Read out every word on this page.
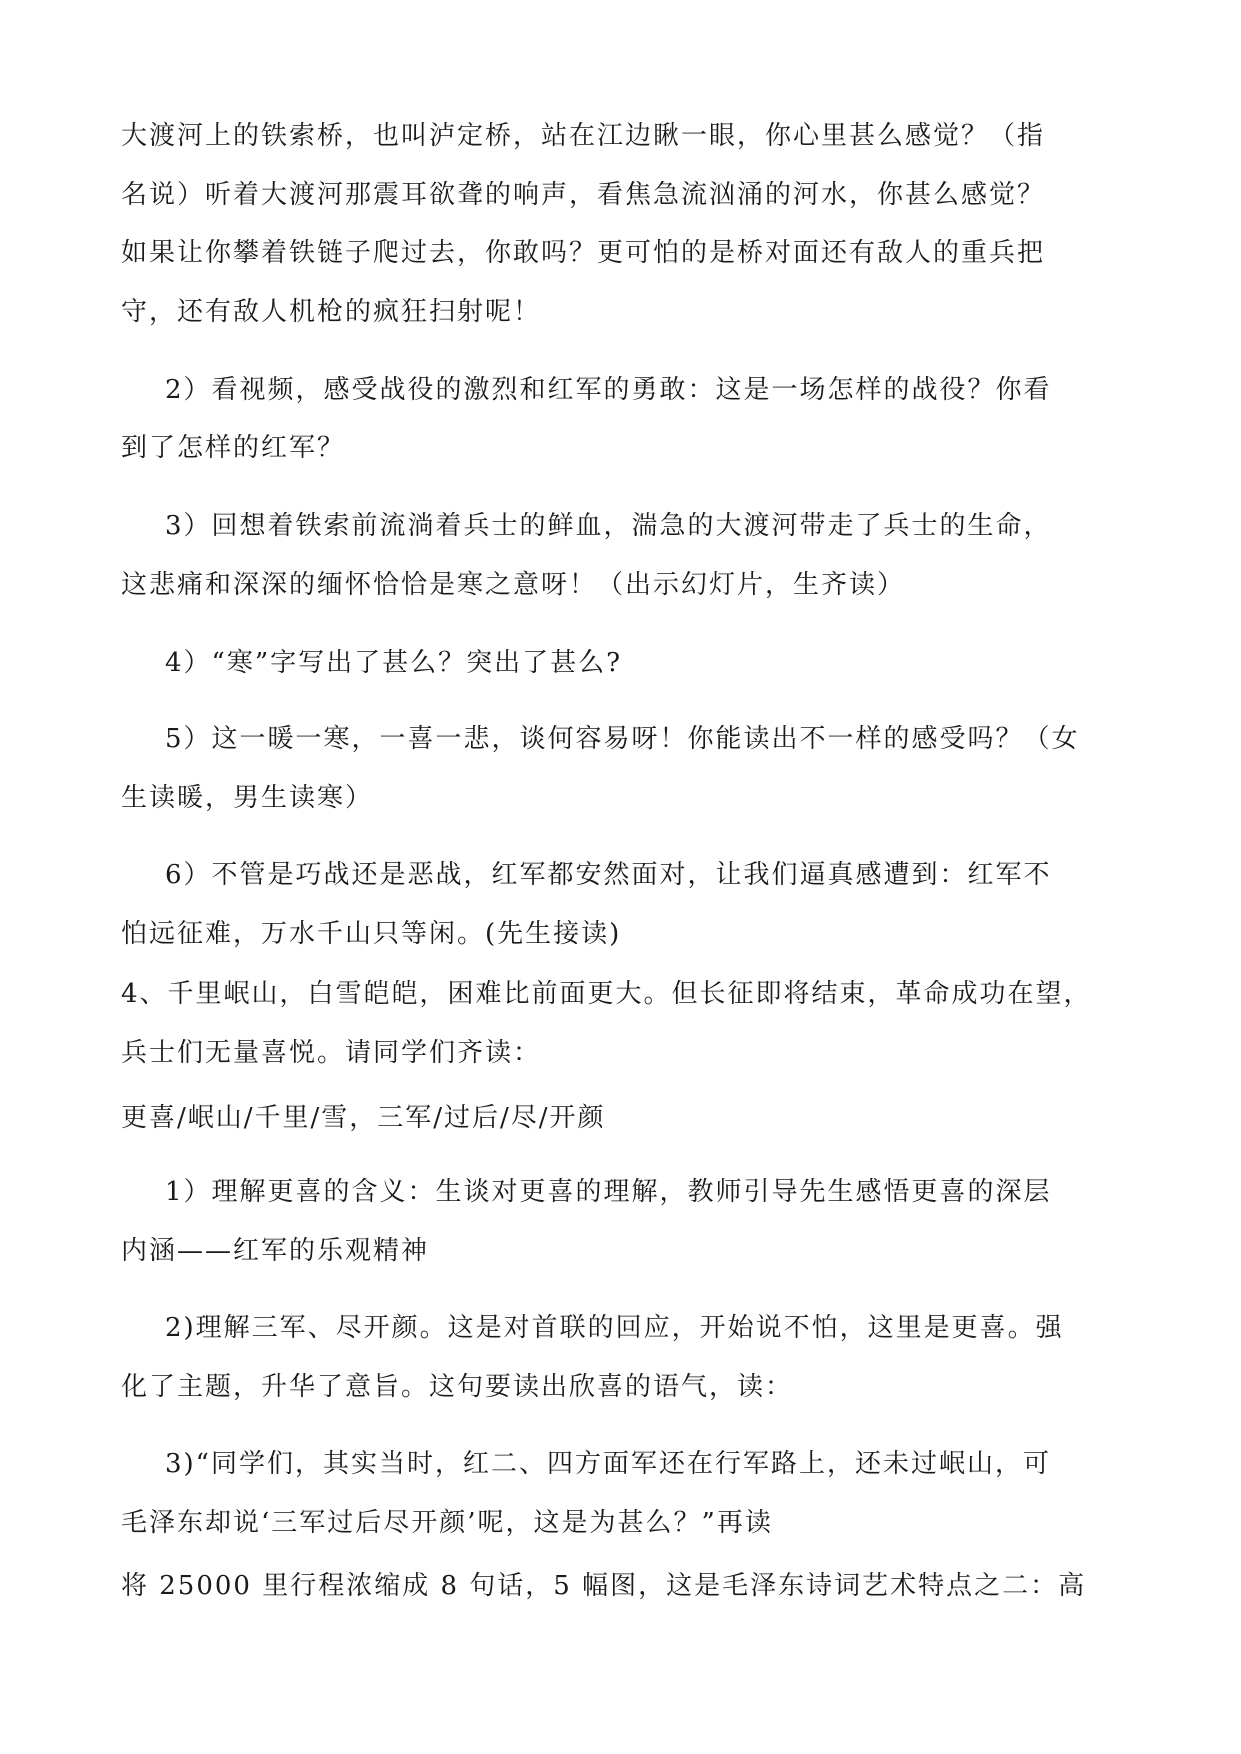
大渡河上的铁索桥，也叫泸定桥，站在江边瞅一眼，你心里甚么感觉？（指
名说）听着大渡河那震耳欲聋的响声，看焦急流汹涌的河水，你甚么感觉？
如果让你攀着铁链子爬过去，你敢吗？更可怕的是桥对面还有敌人的重兵把
守，还有敌人机枪的疯狂扫射呢！
2）看视频，感受战役的激烈和红军的勇敢：这是一场怎样的战役？你看
到了怎样的红军？
3）回想着铁索前流淌着兵士的鲜血，湍急的大渡河带走了兵士的生命，
这悲痛和深深的缅怀恰恰是寒之意呀！（出示幻灯片，生齐读）
4）“寒”字写出了甚么？突出了甚么?
5）这一暖一寒，一喜一悲，谈何容易呀！你能读出不一样的感受吗？（女
生读暖，男生读寒）
6）不管是巧战还是恶战，红军都安然面对，让我们逼真感遭到：红军不
怕远征难，万水千山只等闲。(先生接读)
4、千里岷山，白雪皑皑，困难比前面更大。但长征即将结束，革命成功在望，
兵士们无量喜悦。请同学们齐读：
更喜/岷山/千里/雪，三军/过后/尽/开颜
1）理解更喜的含义：生谈对更喜的理解，教师引导先生感悟更喜的深层
内涵——红军的乐观精神
2)理解三军、尽开颜。这是对首联的回应，开始说不怕，这里是更喜。强
化了主题，升华了意旨。这句要读出欣喜的语气，读：
3)“同学们，其实当时，红二、四方面军还在行军路上，还未过岷山，可
毛泽东却说‘三军过后尽开颜’呢，这是为甚么？”再读
将 25000 里行程浓缩成 8 句话，5 幅图，这是毛泽东诗词艺术特点之二：高
